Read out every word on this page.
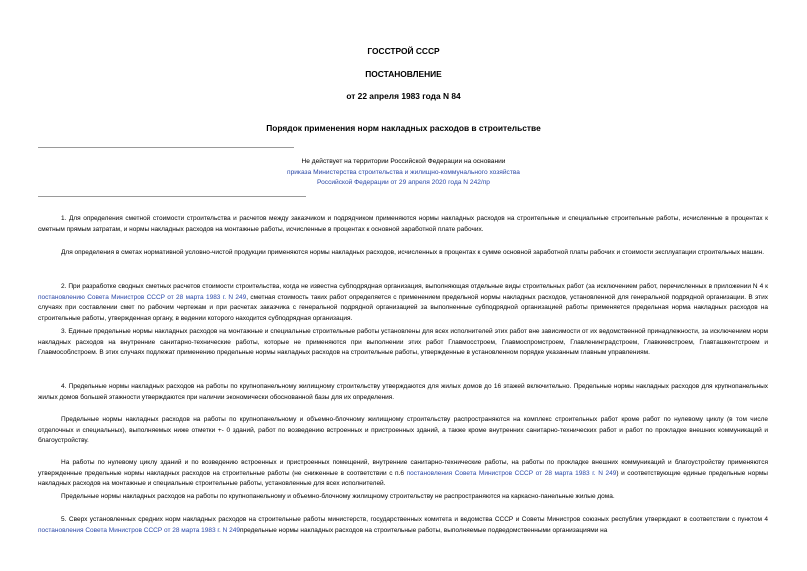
ГОССТРОЙ СССР
ПОСТАНОВЛЕНИЕ
от 22 апреля 1983 года N 84
Порядок применения норм накладных расходов в строительстве
Не действует на территории Российской Федерации на основании
приказа Министерства строительства и жилищно-коммунального хозяйства
Российской Федерации от 29 апреля 2020 года N 242/пр

1. Для определения сметной стоимости строительства и расчетов между заказчиком и подрядчиком применяются нормы накладных расходов на строительные и специальные строительные работы, исчисленные в процентах к сметным прямым затратам, и нормы накладных расходов на монтажные работы, исчисленные в процентах к основной заработной плате рабочих.

Для определения в сметах нормативной условно-чистой продукции применяются нормы накладных расходов, исчисленных в процентах к сумме основной заработной платы рабочих и стоимости эксплуатации строительных машин.

2. При разработке сводных сметных расчетов стоимости строительства, когда не известна субподрядная организация, выполняющая отдельные виды строительных работ (за исключением работ, перечисленных в приложении N 4 к постановлению Совета Министров СССР от 28 марта 1983 г. N 249, сметная стоимость таких работ определяется с применением предельной нормы накладных расходов, установленной для генеральной подрядной организации. В этих случаях при составлении смет по рабочим чертежам и при расчетах заказчика с генеральной подрядной организацией за выполненные субподрядной организацией работы применяется предельная норма накладных расходов на строительные работы, утвержденная органу, в ведении которого находится субподрядная организация.

3. Единые предельные нормы накладных расходов на монтажные и специальные строительные работы установлены для всех исполнителей этих работ вне зависимости от их ведомственной принадлежности, за исключением норм накладных расходов на внутренние санитарно-технические работы, которые не применяются при выполнении этих работ Главмосстроем, Главмоспромстроем, Главленинградстроем, Главкиевстроем, Главташкентстроем и Главмособлстроем. В этих случаях подлежат применению предельные нормы накладных расходов на строительные работы, утвержденные в установленном порядке указанным главным управлениям.

4. Предельные нормы накладных расходов на работы по крупнопанельному жилищному строительству утверждаются для жилых домов до 16 этажей включительно. Предельные нормы накладных расходов для крупнопанельных жилых домов большей этажности утверждаются при наличии экономически обоснованной базы для их определения.

Предельные нормы накладных расходов на работы по крупнопанельному и объемно-блочному жилищному строительству распространяются на комплекс строительных работ кроме работ по нулевому циклу (в том числе отделочных и специальных), выполняемых ниже отметки +- 0 зданий, работ по возведению встроенных и пристроенных зданий, а также кроме внутренних санитарно-технических работ и работ по прокладке внешних коммуникаций и благоустройству.

На работы по нулевому циклу зданий и по возведению встроенных и пристроенных помещений, внутренние санитарно-технические работы, на работы по прокладке внешних коммуникаций и благоустройству применяются утвержденные предельные нормы накладных расходов на строительные работы (не сниженные в соответствии с п.6 постановления Совета Министров СССР от 28 марта 1983 г. N 249) и соответствующие единые предельные нормы накладных расходов на монтажные и специальные строительные работы, установленные для всех исполнителей.

Предельные нормы накладных расходов на работы по крупнопанельному и объемно-блочному жилищному строительству не распространяются на каркасно-панельные жилые дома.

5. Сверх установленных средних норм накладных расходов на строительные работы министерств, государственных комитета и ведомства СССР и Советы Министров союзных республик утверждают в соответствии с пунктом 4 постановления Совета Министров СССР от 28 марта 1983 г. N 249предельные нормы накладных расходов на строительные работы, выполняемые подведомственными организациями на
